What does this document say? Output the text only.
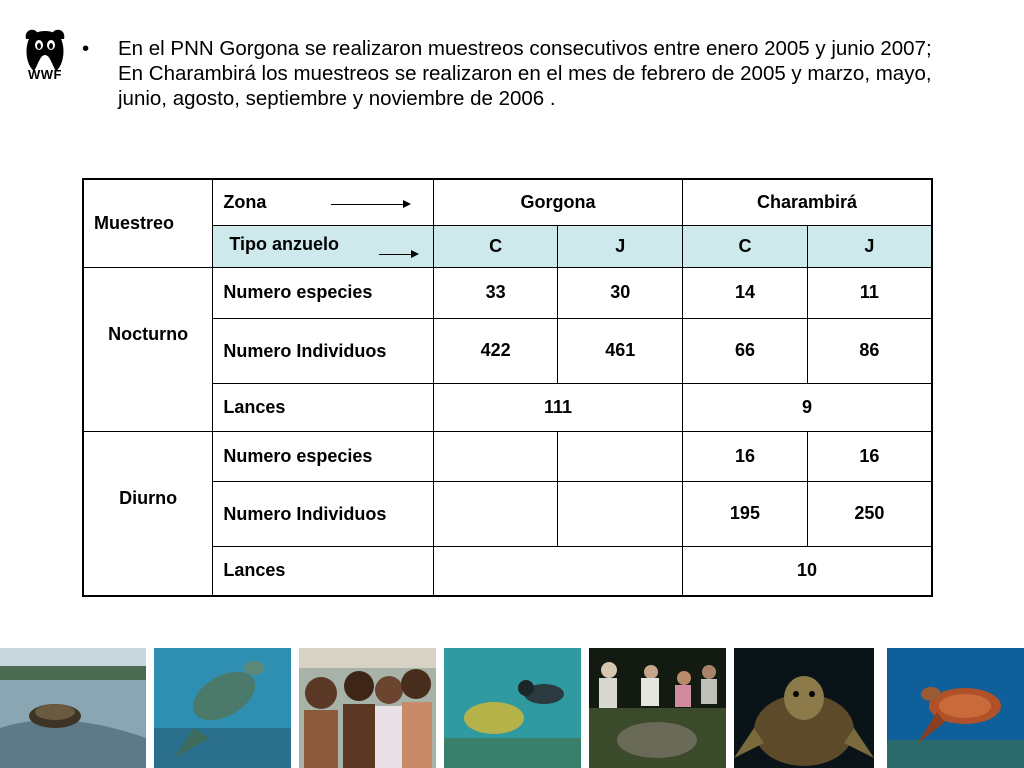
WWF
•	En el PNN Gorgona se realizaron muestreos consecutivos entre enero 2005 y junio 2007; En Charambirá los muestreos se realizaron en el mes de febrero de 2005 y marzo, mayo, junio, agosto, septiembre y noviembre de 2006 .
Muestreo	Zona	Gorgona		Charambirá	
	Tipo anzuelo	C	J	C	J
Nocturno	Numero especies	33	30	14	11
	Numero Individuos	422	461	66	86
	Lances	111		9	
Diurno	Numero especies			16	16
	Numero Individuos			195	250
	Lances			10	
